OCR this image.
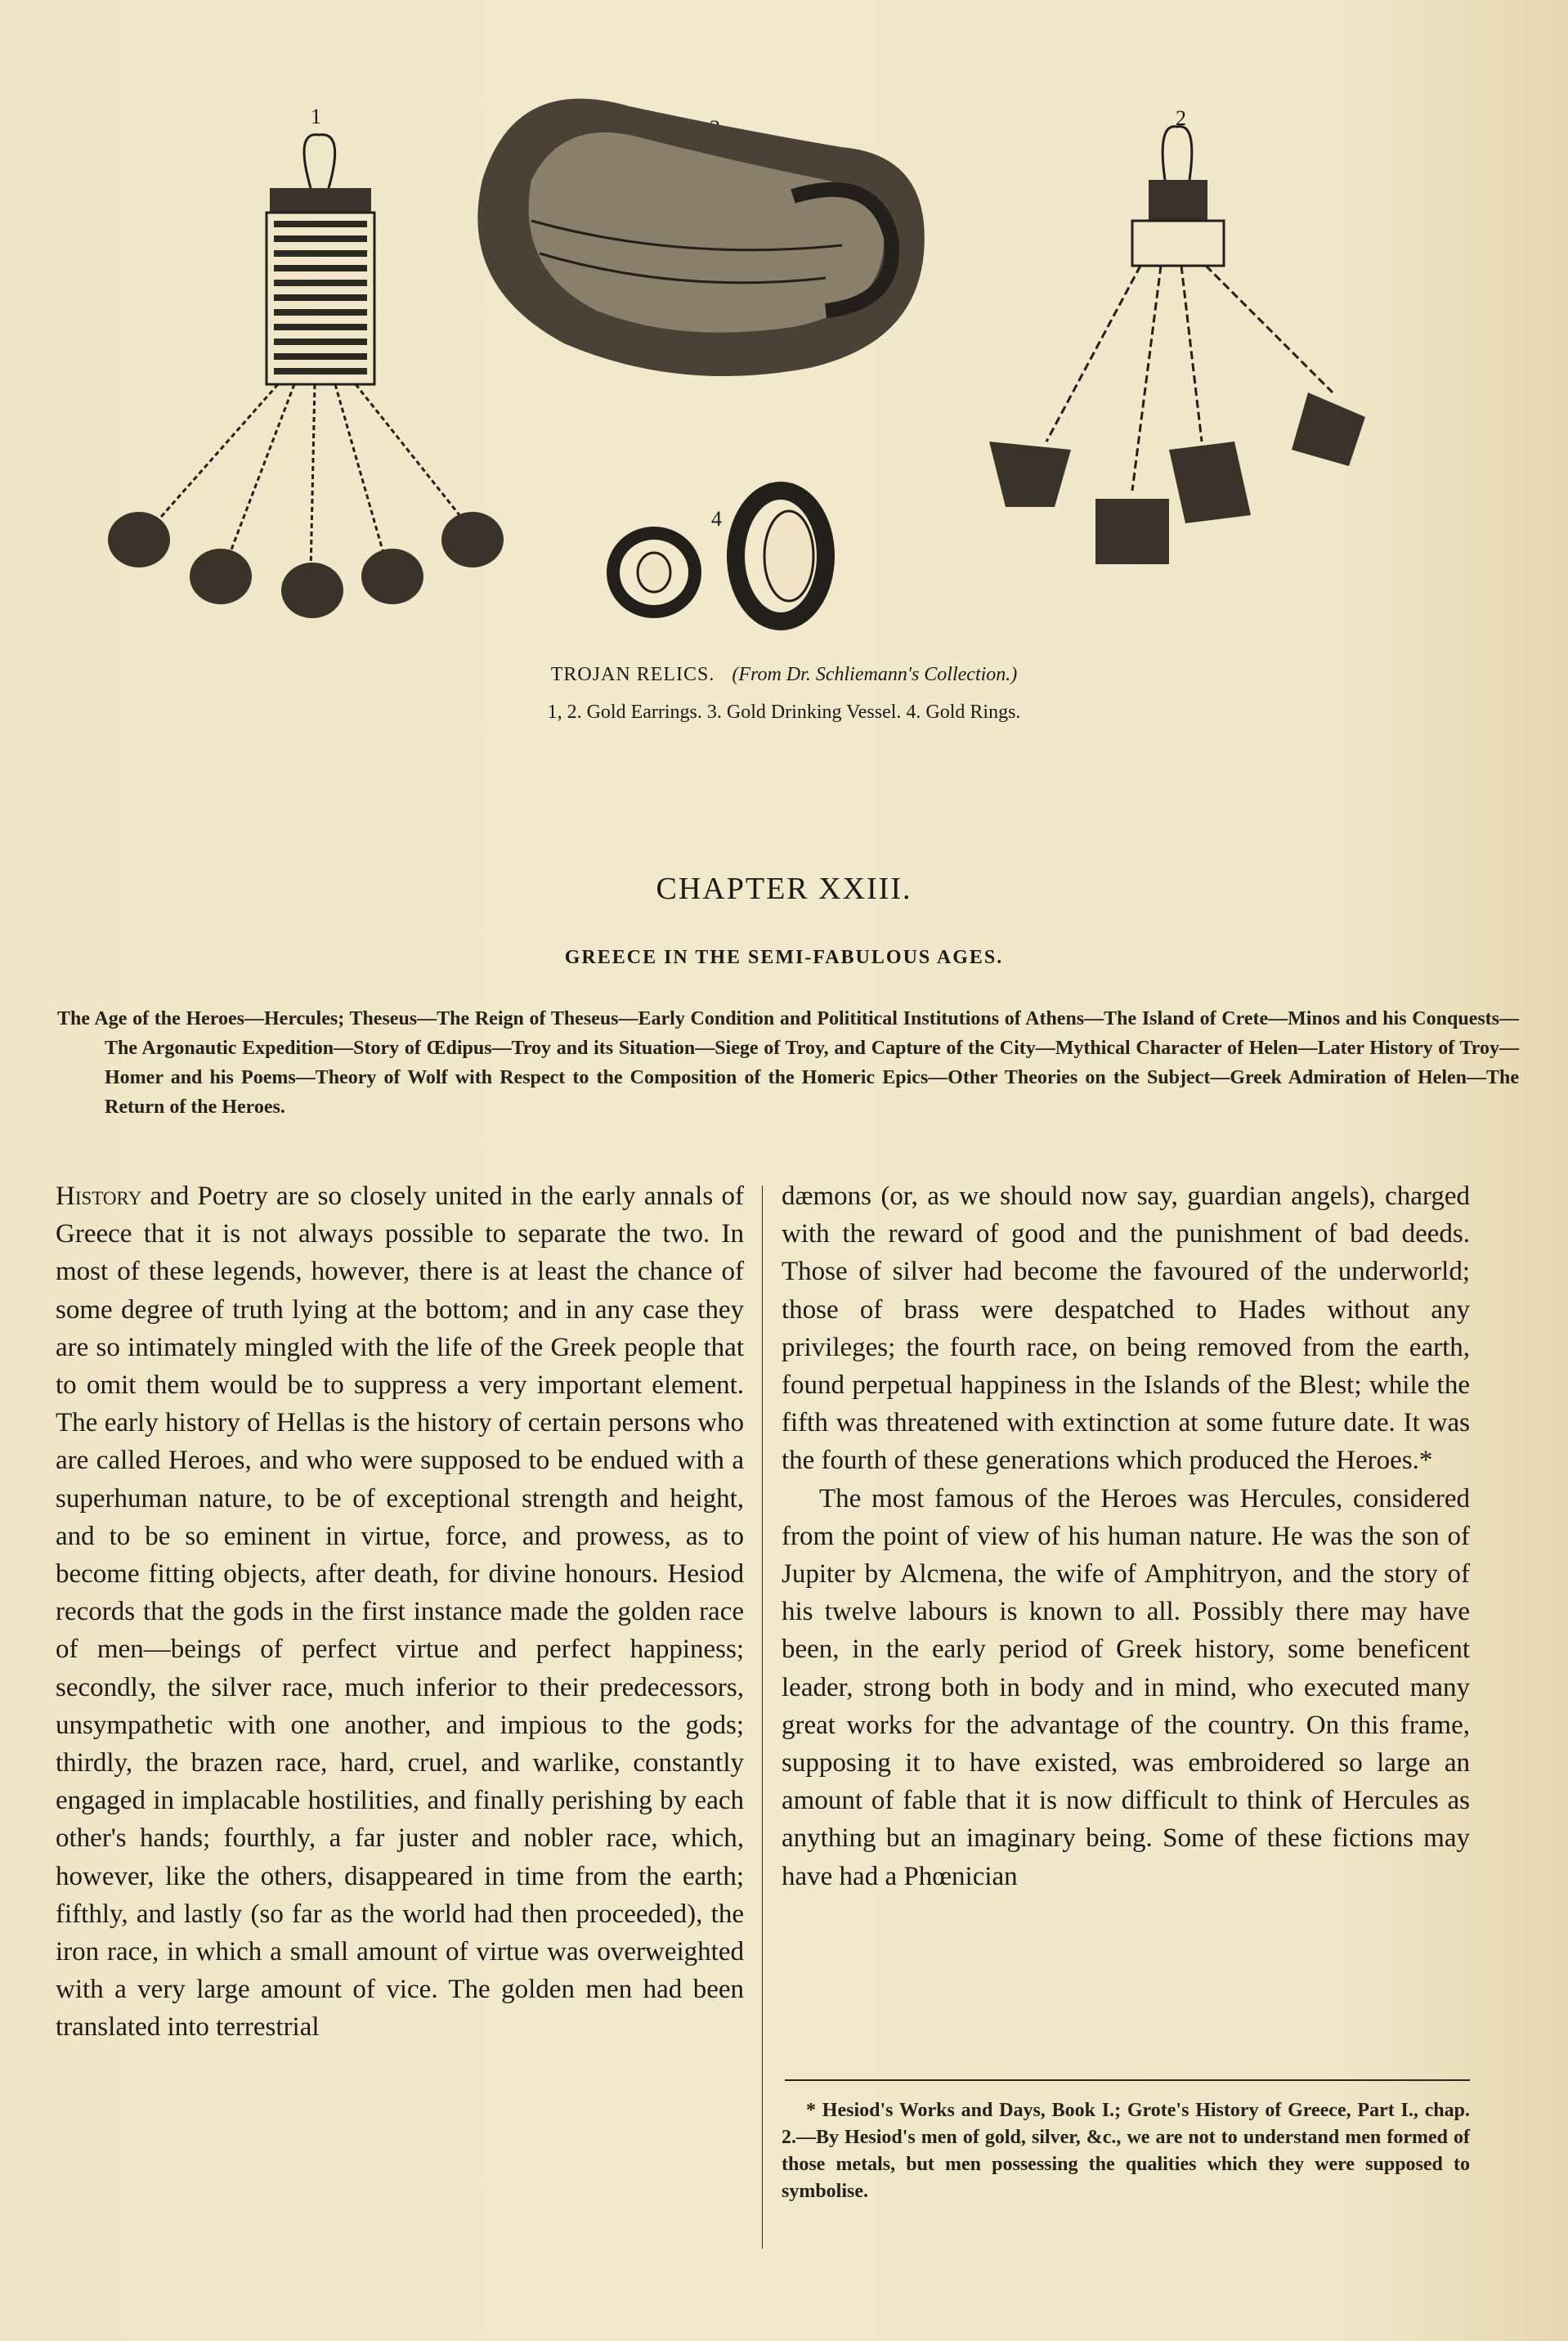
1	2
4
TROJAN RELICS. (From Dr. Schliemann's Collection.)
1, 2. Gold Earrings. 3. Gold Drinking Vessel. 4. Gold Rings.
CHAPTER XXIII.
GREECE IN THE SEMI-FABULOUS AGES.
The Age of the Heroes—Hercules; Theseus—The Reign of Theseus—Early Condition and Polititical Institutions of Athens—The Island of Crete—Minos and his Conquests—The Argonautic Expedition—Story of Œdipus—Troy and its Situation—Siege of Troy, and Capture of the City—Mythical Character of Helen—Later History of Troy—Homer and his Poems—Theory of Wolf with Respect to the Composition of the Homeric Epics—Other Theories on the Subject—Greek Admiration of Helen—The Return of the Heroes.

History and Poetry are so closely united in the early annals of Greece that it is not always possible to separate the two. In most of these legends, however, there is at least the chance of some degree of truth lying at the bottom; and in any case they are so intimately mingled with the life of the Greek people that to omit them would be to suppress a very important element. The early history of Hellas is the history of certain persons who are called Heroes, and who were supposed to be endued with a superhuman nature, to be of exceptional strength and height, and to be so eminent in virtue, force, and prowess, as to become fitting objects, after death, for divine honours. Hesiod records that the gods in the first instance made the golden race of men—beings of perfect virtue and perfect happiness; secondly, the silver race, much inferior to their predecessors, unsympathetic with one another, and impious to the gods; thirdly, the brazen race, hard, cruel, and warlike, constantly engaged in implacable hostilities, and finally perishing by each other's hands; fourthly, a far juster and nobler race, which, however, like the others, disappeared in time from the earth; fifthly, and lastly (so far as the world had then proceeded), the iron race, in which a small amount of virtue was overweighted with a very large amount of vice. The golden men had been translated into terrestrial

dæmons (or, as we should now say, guardian angels), charged with the reward of good and the punishment of bad deeds. Those of silver had become the favoured of the underworld; those of brass were despatched to Hades without any privileges; the fourth race, on being removed from the earth, found perpetual happiness in the Islands of the Blest; while the fifth was threatened with extinction at some future date. It was the fourth of these generations which produced the Heroes.*

The most famous of the Heroes was Hercules, considered from the point of view of his human nature. He was the son of Jupiter by Alcmena, the wife of Amphitryon, and the story of his twelve labours is known to all. Possibly there may have been, in the early period of Greek history, some beneficent leader, strong both in body and in mind, who executed many great works for the advantage of the country. On this frame, supposing it to have existed, was embroidered so large an amount of fable that it is now difficult to think of Hercules as anything but an imaginary being. Some of these fictions may have had a Phœnician

* Hesiod's Works and Days, Book I.; Grote's History of Greece, Part I., chap. 2.—By Hesiod's men of gold, silver, &c., we are not to understand men formed of those metals, but men possessing the qualities which they were supposed to symbolise.
